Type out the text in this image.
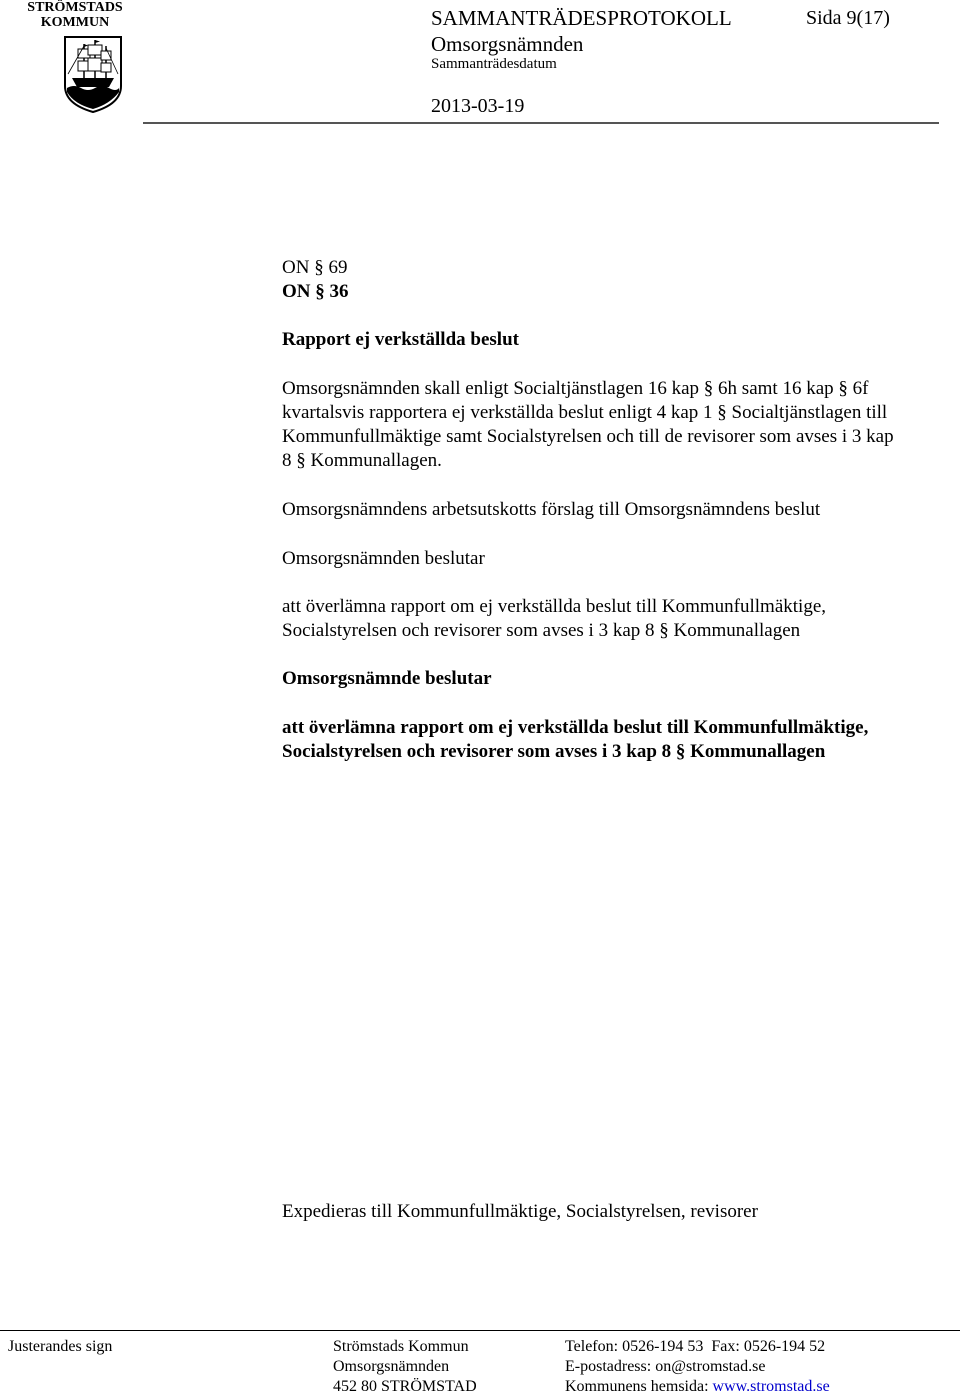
STRÖMSTADS
KOMMUN	SAMMANTRÄDESPROTOKOLL	Sida 9(17)
Omsorgsnämnden
Sammanträdesdatum
2013-03-19

ON § 69

ON § 36

Rapport ej verkställda beslut

Omsorgsnämnden skall enligt Socialtjänstlagen 16 kap § 6h samt 16 kap § 6f kvartalsvis rapportera ej verkställda beslut enligt 4 kap 1 § Socialtjänstlagen till Kommunfullmäktige samt Socialstyrelsen och till de revisorer som avses i 3 kap 8 § Kommunallagen.

Omsorgsnämndens arbetsutskotts förslag till Omsorgsnämndens beslut

Omsorgsnämnden beslutar

att överlämna rapport om ej verkställda beslut till Kommunfullmäktige, Socialstyrelsen och revisorer som avses i 3 kap 8 § Kommunallagen

Omsorgsnämnde beslutar

att överlämna rapport om ej verkställda beslut till Kommunfullmäktige, Socialstyrelsen och revisorer som avses i 3 kap 8 § Kommunallagen

Expedieras till Kommunfullmäktige, Socialstyrelsen, revisorer

Justerandes sign	Strömstads Kommun
Omsorgsnämnden
452 80 STRÖMSTAD
Telefon: 0526-194 53  Fax: 0526-194 52
E-postadress: on@stromstad.se
Kommunens hemsida: www.stromstad.se
